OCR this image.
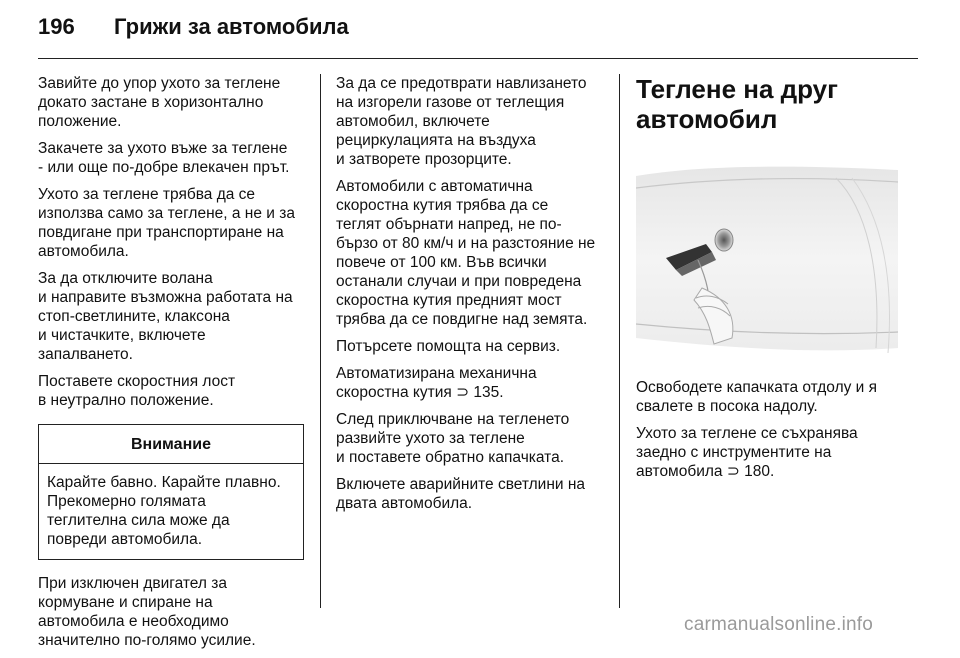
196	Грижи за автомобила

Завийте до упор ухото за теглене
докато застане в хоризонтално
положение.

Закачете за ухото въже за теглене
- или още по-добре влекачен прът.

Ухото за теглене трябва да се
използва само за теглене, а не и за
повдигане при транспортиране на
автомобила.

За да отключите волана
и направите възможна работата на
стоп-светлините, клаксона
и чистачките, включете
запалването.

Поставете скоростния лост
в неутрално положение.

Внимание
Карайте бавно. Карайте плавно.
Прекомерно голямата
теглителна сила може да
повреди автомобила.

При изключен двигател за
кормуване и спиране на
автомобила е необходимо
значително по-голямо усилие.

За да се предотврати навлизането
на изгорели газове от теглещия
автомобил, включете
рециркулацията на въздуха
и затворете прозорците.

Автомобили с автоматична
скоростна кутия трябва да се
теглят обърнати напред, не по-
бързо от 80 км/ч и на разстояние не
повече от 100 км. Във всички
останали случаи и при повредена
скоростна кутия предният мост
трябва да се повдигне над земята.

Потърсете помощта на сервиз.

Автоматизирана механична
скоростна кутия ⊃ 135.

След приключване на тегленето
развийте ухото за теглене
и поставете обратно капачката.

Включете аварийните светлини на
двата автомобила.

Теглене на друг
автомобил

Освободете капачката отдолу и я
свалете в посока надолу.

Ухото за теглене се съхранява
заедно с инструментите на
автомобила ⊃ 180.

carmanualsonline.info
